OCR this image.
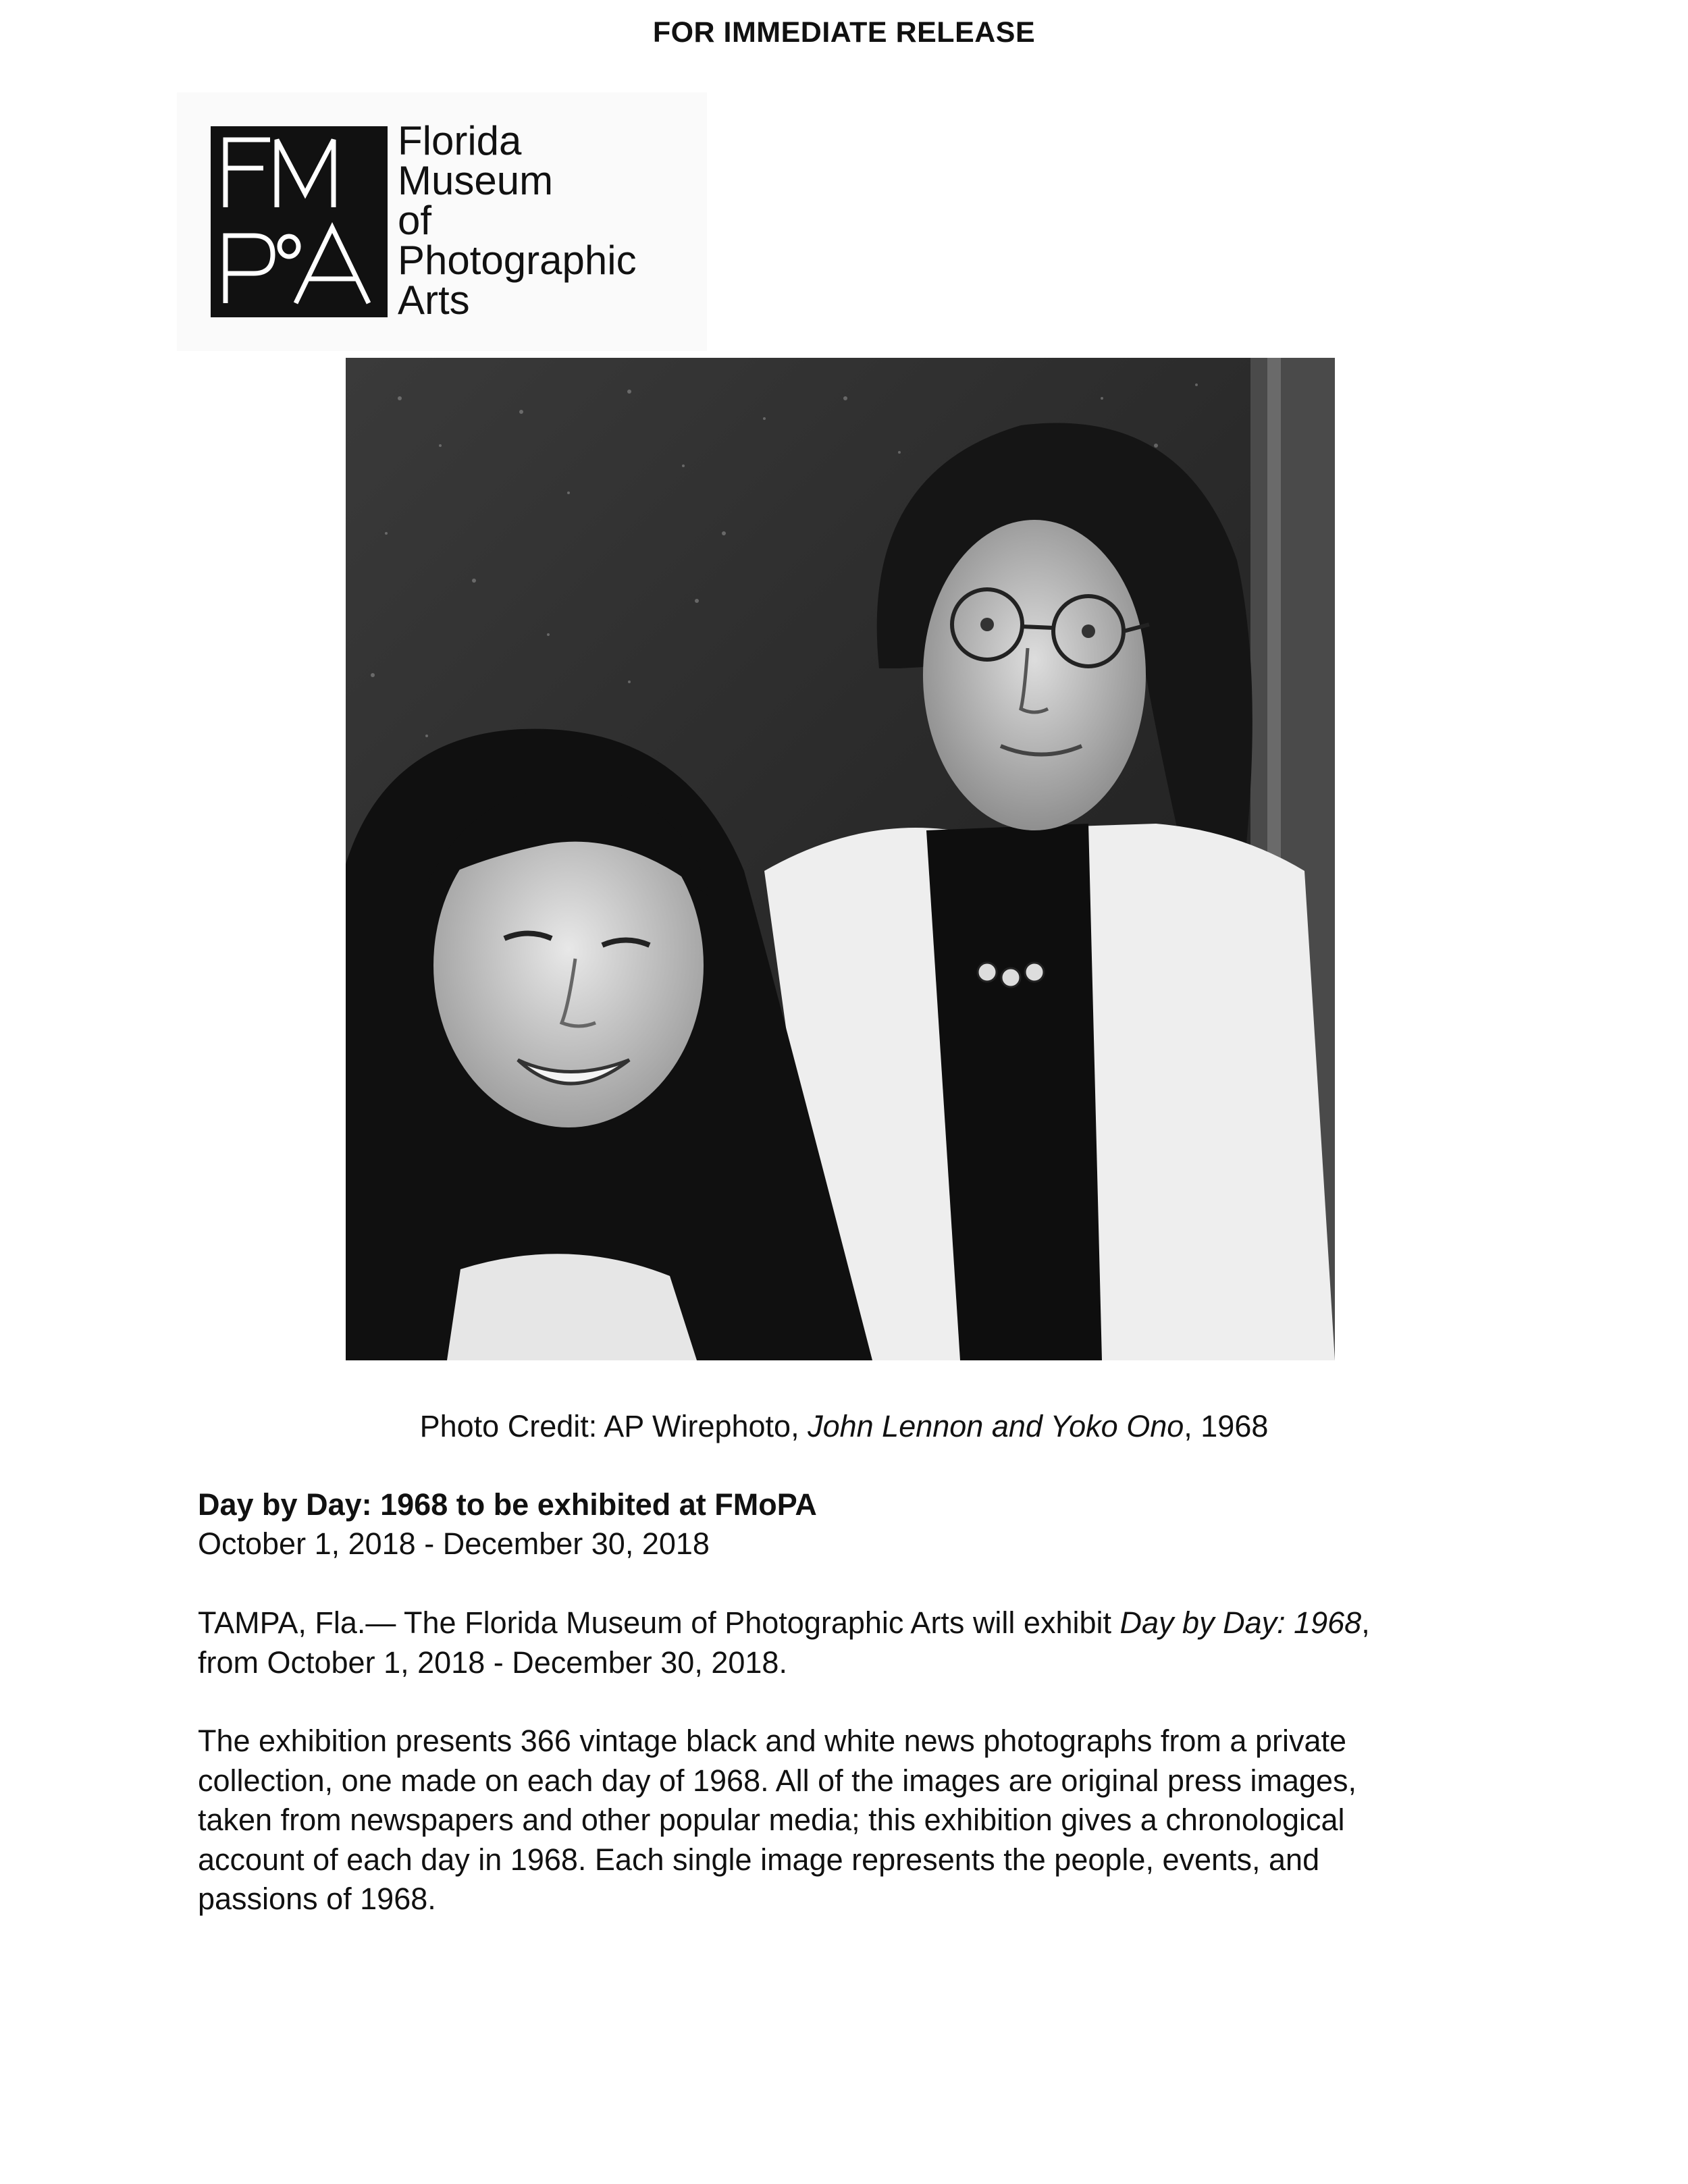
FOR IMMEDIATE RELEASE
Florida
Museum
of
Photographic
Arts
Photo Credit: AP Wirephoto, John Lennon and Yoko Ono, 1968
Day by Day: 1968 to be exhibited at FMoPA
October 1, 2018 - December 30, 2018
TAMPA, Fla.— The Florida Museum of Photographic Arts will exhibit Day by Day: 1968,
from October 1, 2018 - December 30, 2018.
The exhibition presents 366 vintage black and white news photographs from a private
collection, one made on each day of 1968. All of the images are original press images,
taken from newspapers and other popular media; this exhibition gives a chronological
account of each day in 1968. Each single image represents the people, events, and
passions of 1968.
